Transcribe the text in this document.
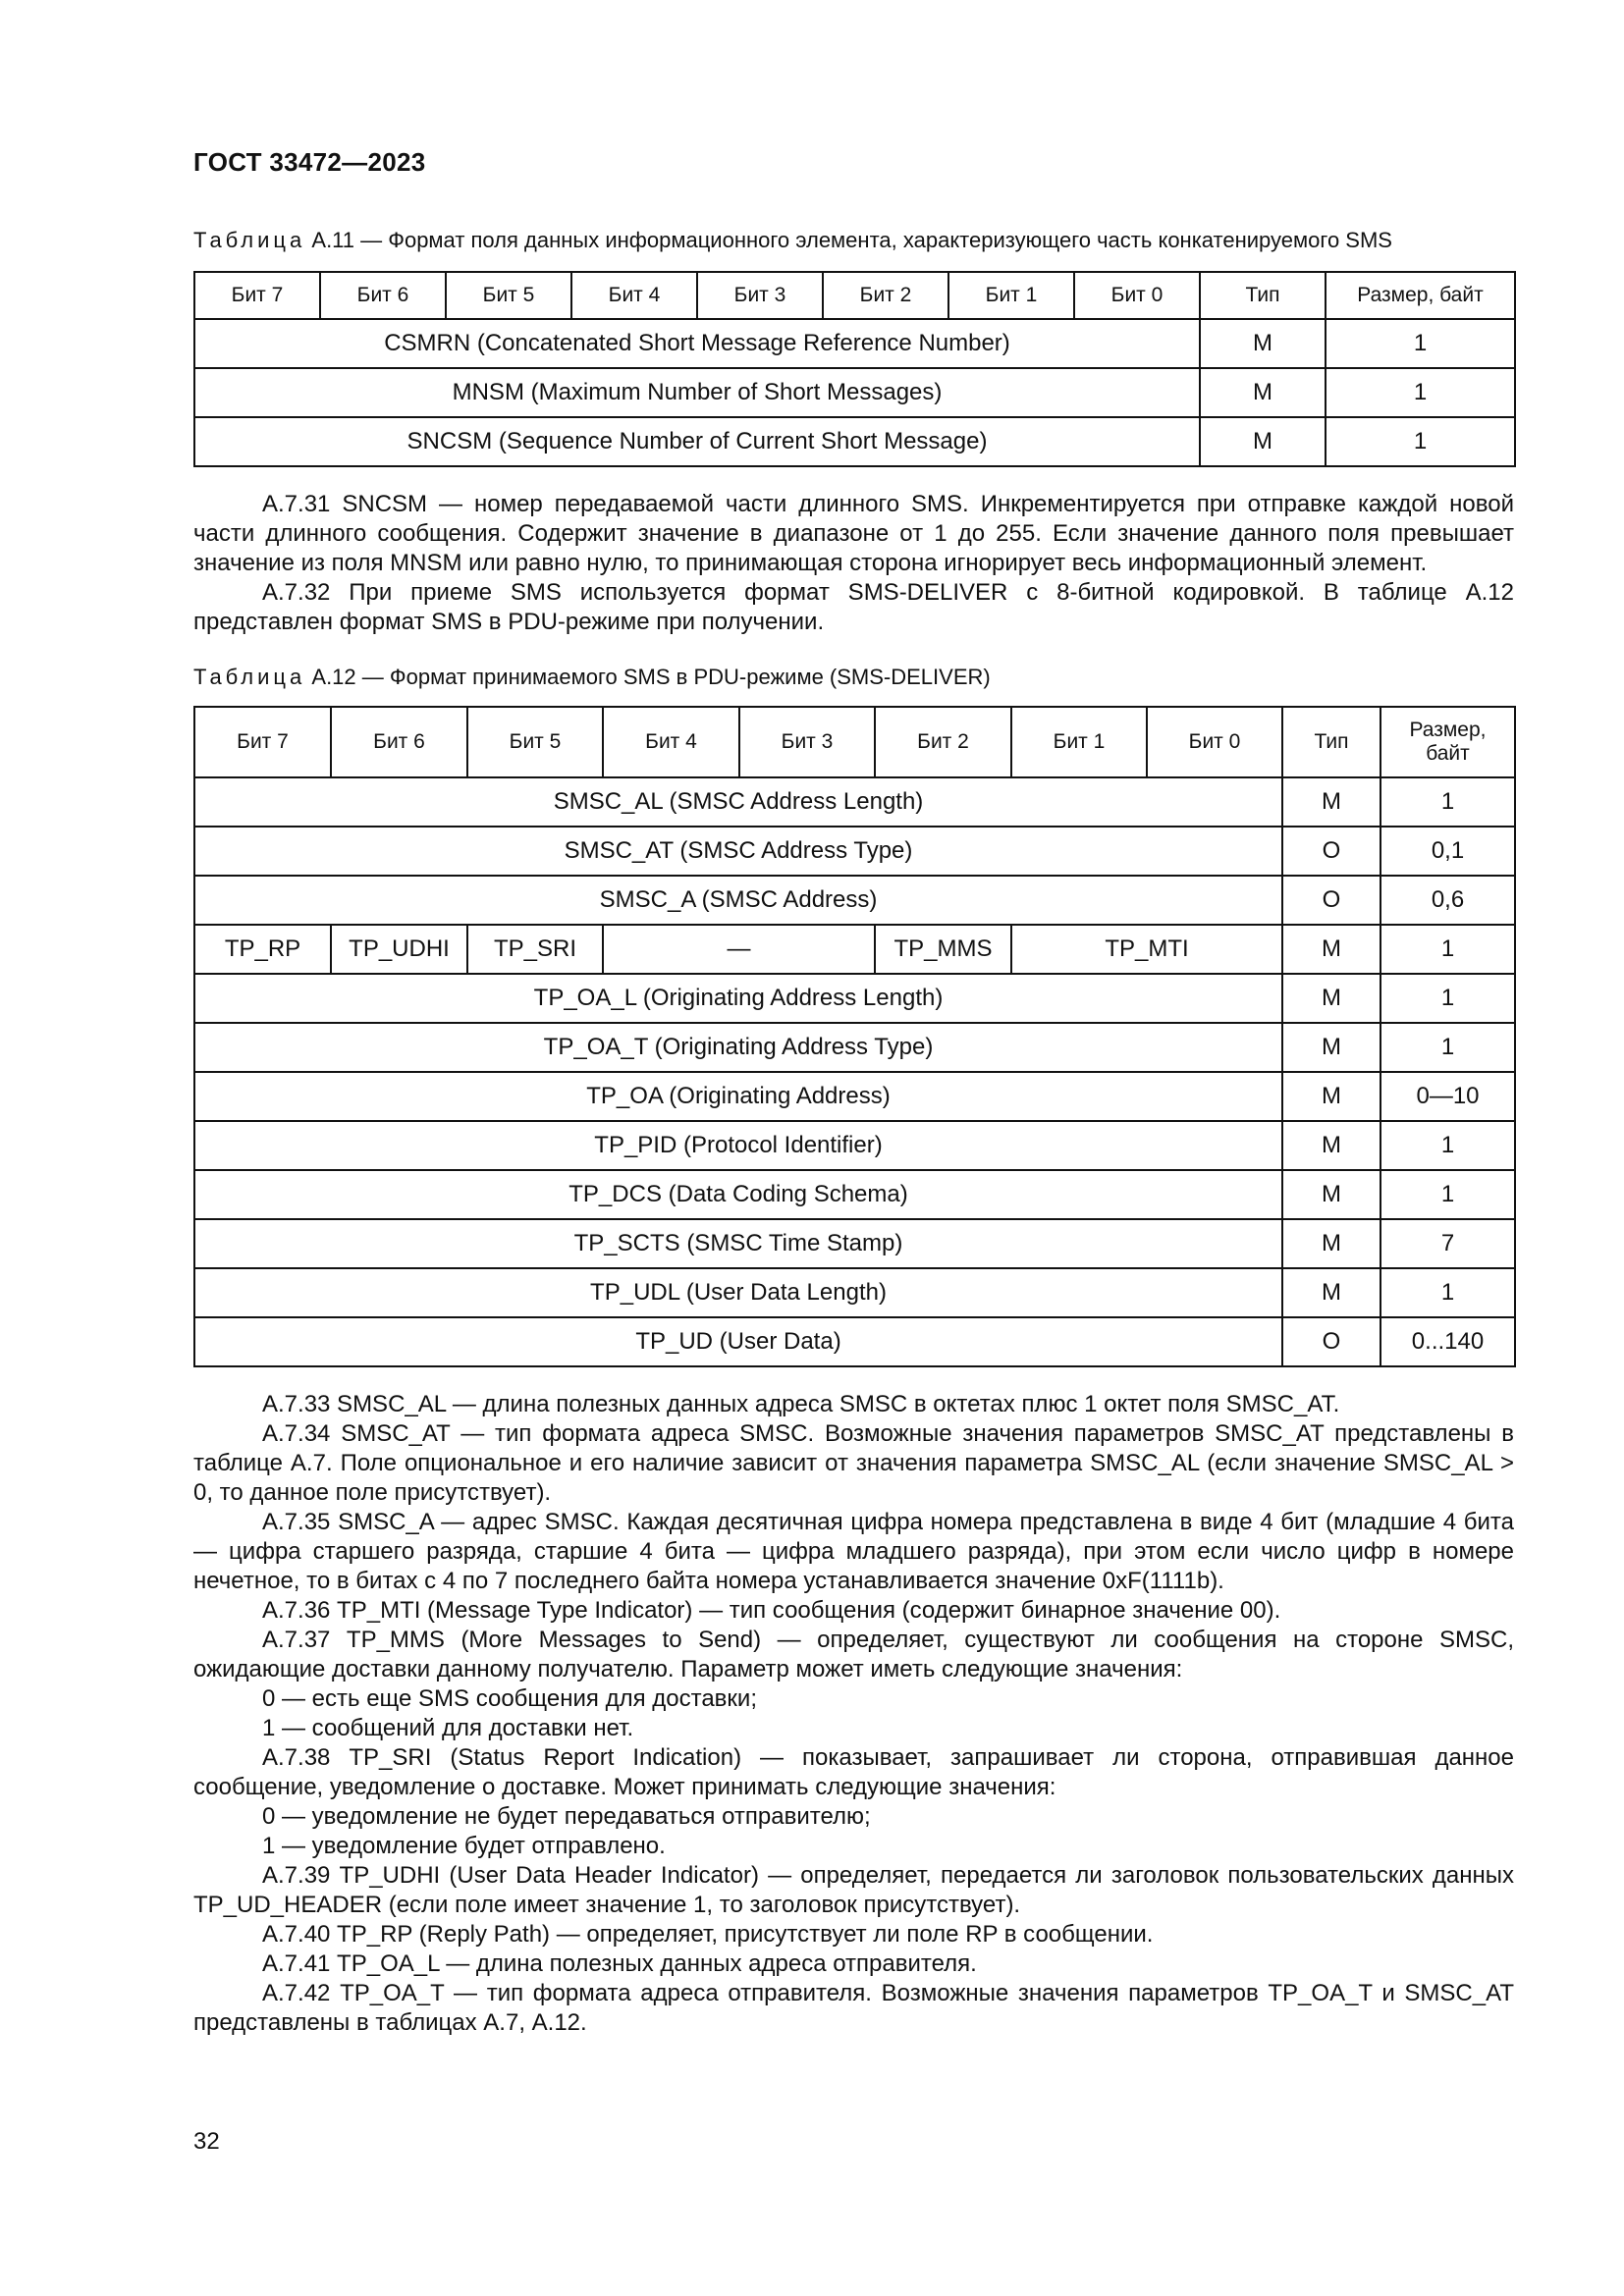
ГОСТ 33472—2023
Таблица А.11 — Формат поля данных информационного элемента, характеризующего часть конкатенируемого SMS
Бит 7	Бит 6	Бит 5	Бит 4	Бит 3	Бит 2	Бит 1	Бит 0	Тип	Размер, байт
CSMRN (Concatenated Short Message Reference Number)								M	1
MNSM (Maximum Number of Short Messages)								M	1
SNCSM (Sequence Number of Current Short Message)								M	1

А.7.31 SNCSM — номер передаваемой части длинного SMS. Инкрементируется при отправке каждой новой части длинного сообщения. Содержит значение в диапазоне от 1 до 255. Если значение данного поля превышает значение из поля MNSM или равно нулю, то принимающая сторона игнорирует весь информационный элемент.

А.7.32 При приеме SMS используется формат SMS-DELIVER с 8-битной кодировкой. В таблице А.12 представлен формат SMS в PDU-режиме при получении.

Таблица А.12 — Формат принимаемого SMS в PDU-режиме (SMS-DELIVER)
Бит 7	Бит 6	Бит 5	Бит 4	Бит 3	Бит 2	Бит 1	Бит 0	Тип	Размер, байт
SMSC_AL (SMSC Address Length)								M	1
SMSC_AT (SMSC Address Type)								O	0,1
SMSC_A (SMSC Address)								O	0,6
TP_RP	TP_UDHI	TP_SRI	—		TP_MMS	TP_MTI		M	1
TP_OA_L (Originating Address Length)								M	1
TP_OA_T (Originating Address Type)								M	1
TP_OA (Originating Address)								M	0—10
TP_PID (Protocol Identifier)								M	1
TP_DCS (Data Coding Schema)								M	1
TP_SCTS (SMSC Time Stamp)								M	7
TP_UDL (User Data Length)								M	1
TP_UD (User Data)								O	0...140

А.7.33 SMSC_AL — длина полезных данных адреса SMSC в октетах плюс 1 октет поля SMSC_AT.

А.7.34 SMSC_AT — тип формата адреса SMSC. Возможные значения параметров SMSC_AT представлены в таблице А.7. Поле опциональное и его наличие зависит от значения параметра SMSC_AL (если значение SMSC_AL > 0, то данное поле присутствует).

А.7.35 SMSC_A — адрес SMSC. Каждая десятичная цифра номера представлена в виде 4 бит (младшие 4 бита — цифра старшего разряда, старшие 4 бита — цифра младшего разряда), при этом если число цифр в номере нечетное, то в битах с 4 по 7 последнего байта номера устанавливается значение 0xF(1111b).

А.7.36 TP_MTI (Message Type Indicator) — тип сообщения (содержит бинарное значение 00).

А.7.37 TP_MMS (More Messages to Send) — определяет, существуют ли сообщения на стороне SMSC, ожидающие доставки данному получателю. Параметр может иметь следующие значения:

0 — есть еще SMS сообщения для доставки;

1 — сообщений для доставки нет.

А.7.38 TP_SRI (Status Report Indication) — показывает, запрашивает ли сторона, отправившая данное сообщение, уведомление о доставке. Может принимать следующие значения:

0 — уведомление не будет передаваться отправителю;

1 — уведомление будет отправлено.

А.7.39 TP_UDHI (User Data Header Indicator) — определяет, передается ли заголовок пользовательских данных TP_UD_HEADER (если поле имеет значение 1, то заголовок присутствует).

А.7.40 TP_RP (Reply Path) — определяет, присутствует ли поле RP в сообщении.

А.7.41 TP_OA_L — длина полезных данных адреса отправителя.

А.7.42 TP_OA_T — тип формата адреса отправителя. Возможные значения параметров TP_OA_T и SMSC_AT представлены в таблицах А.7, А.12.

32
